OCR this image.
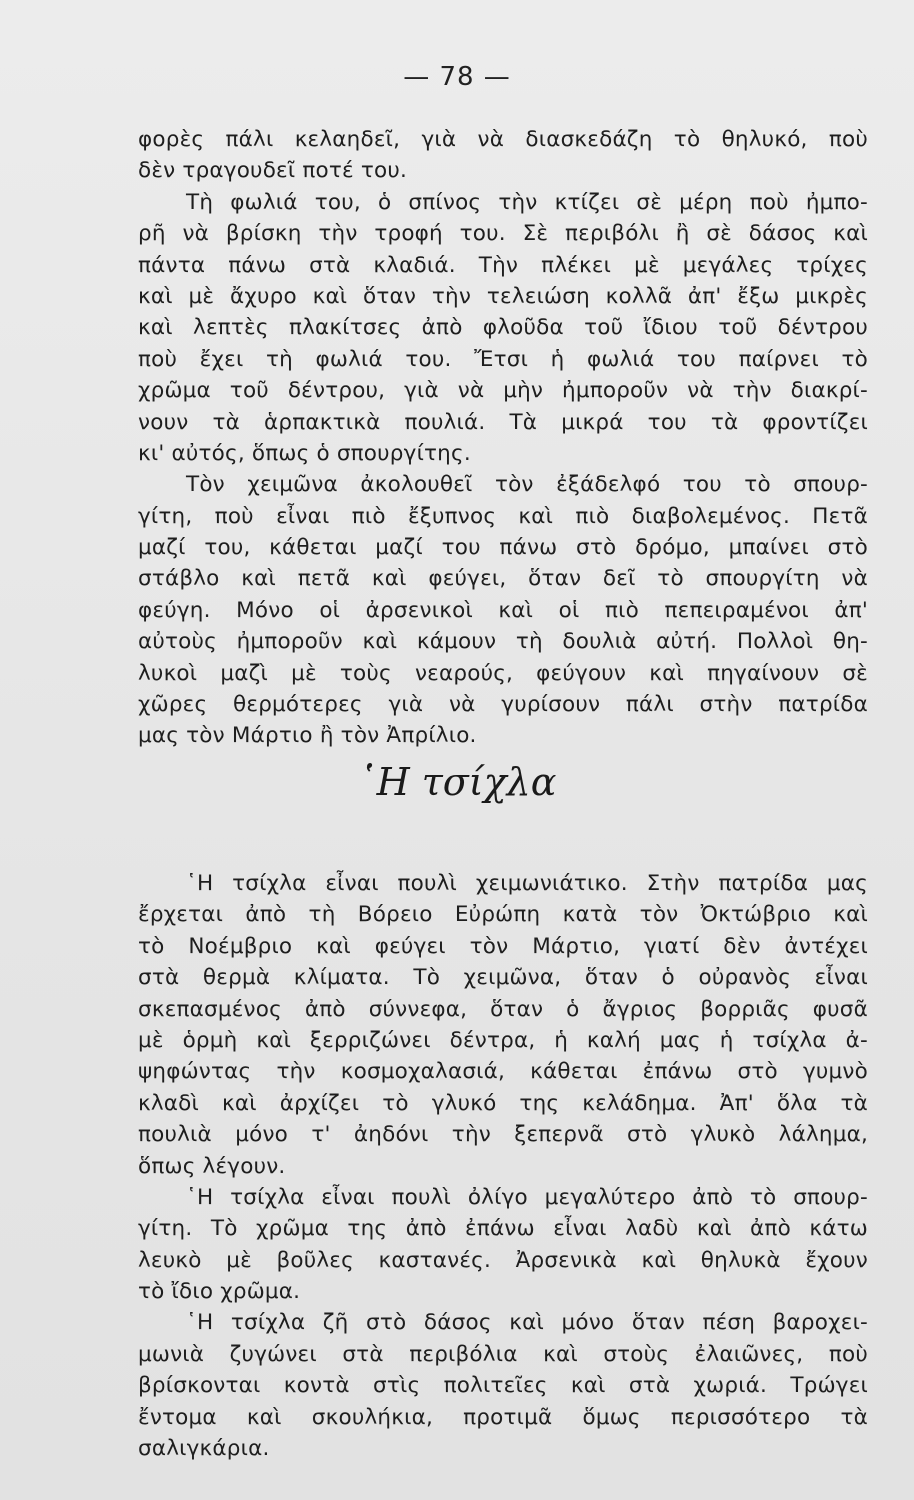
— 78 —
φορὲς πάλι κελαηδεῖ, γιὰ νὰ διασκεδάζη τὸ θηλυκό, ποὺ
δὲν τραγουδεῖ ποτέ του.
Τὴ φωλιά του, ὁ σπίνος τὴν κτίζει σὲ μέρη ποὺ ἠμπο-
ρῆ νὰ βρίσκη τὴν τροφή του. Σὲ περιβόλι ἢ σὲ δάσος καὶ
πάντα πάνω στὰ κλαδιά. Τὴν πλέκει μὲ μεγάλες τρίχες
καὶ μὲ ἄχυρο καὶ ὅταν τὴν τελειώση κολλᾶ ἀπ' ἔξω μικρὲς
καὶ λεπτὲς πλακίτσες ἀπὸ φλοῦδα τοῦ ἴδιου τοῦ δέντρου
ποὺ ἔχει τὴ φωλιά του. Ἔτσι ἡ φωλιά του παίρνει τὸ
χρῶμα τοῦ δέντρου, γιὰ νὰ μὴν ἠμποροῦν νὰ τὴν διακρί-
νουν τὰ ἁρπακτικὰ πουλιά. Τὰ μικρά του τὰ φροντίζει
κι' αὐτός, ὅπως ὁ σπουργίτης.
Τὸν χειμῶνα ἀκολουθεῖ τὸν ἐξάδελφό του τὸ σπουρ-
γίτη, ποὺ εἶναι πιὸ ἔξυπνος καὶ πιὸ διαβολεμένος. Πετᾶ
μαζί του, κάθεται μαζί του πάνω στὸ δρόμο, μπαίνει στὸ
στάβλο καὶ πετᾶ καὶ φεύγει, ὅταν δεῖ τὸ σπουργίτη νὰ
φεύγη. Μόνο οἱ ἀρσενικοὶ καὶ οἱ πιὸ πεπειραμένοι ἀπ'
αὐτοὺς ἠμποροῦν καὶ κάμουν τὴ δουλιὰ αὐτή. Πολλοὶ θη-
λυκοὶ μαζὶ μὲ τοὺς νεαρούς, φεύγουν καὶ πηγαίνουν σὲ
χῶρες θερμότερες γιὰ νὰ γυρίσουν πάλι στὴν πατρίδα
μας τὸν Μάρτιο ἢ τὸν Ἀπρίλιο.
῾Η τσίχλα
῾Η τσίχλα εἶναι πουλὶ χειμωνιάτικο. Στὴν πατρίδα μας
ἔρχεται ἀπὸ τὴ Βόρειο Εὐρώπη κατὰ τὸν Ὀκτώβριο καὶ
τὸ Νοέμβριο καὶ φεύγει τὸν Μάρτιο, γιατί δὲν ἀντέχει
στὰ θερμὰ κλίματα. Τὸ χειμῶνα, ὅταν ὁ οὐρανὸς εἶναι
σκεπασμένος ἀπὸ σύννεφα, ὅταν ὁ ἄγριος βορριᾶς φυσᾶ
μὲ ὁρμὴ καὶ ξερριζώνει δέντρα, ἡ καλή μας ἡ τσίχλα ἀ-
ψηφώντας τὴν κοσμοχαλασιά, κάθεται ἐπάνω στὸ γυμνὸ
κλαδὶ καὶ ἀρχίζει τὸ γλυκό της κελάδημα. Ἀπ' ὅλα τὰ
πουλιὰ μόνο τ' ἀηδόνι τὴν ξεπερνᾶ στὸ γλυκὸ λάλημα,
ὅπως λέγουν.
῾Η τσίχλα εἶναι πουλὶ ὀλίγο μεγαλύτερο ἀπὸ τὸ σπουρ-
γίτη. Τὸ χρῶμα της ἀπὸ ἐπάνω εἶναι λαδὺ καὶ ἀπὸ κάτω
λευκὸ μὲ βοῦλες καστανές. Ἀρσενικὰ καὶ θηλυκὰ ἔχουν
τὸ ἴδιο χρῶμα.
῾Η τσίχλα ζῆ στὸ δάσος καὶ μόνο ὅταν πέση βαροχει-
μωνιὰ ζυγώνει στὰ περιβόλια καὶ στοὺς ἐλαιῶνες, ποὺ
βρίσκονται κοντὰ στὶς πολιτεῖες καὶ στὰ χωριά. Τρώγει
ἔντομα καὶ σκουλήκια, προτιμᾶ ὅμως περισσότερο τὰ
σαλιγκάρια.
